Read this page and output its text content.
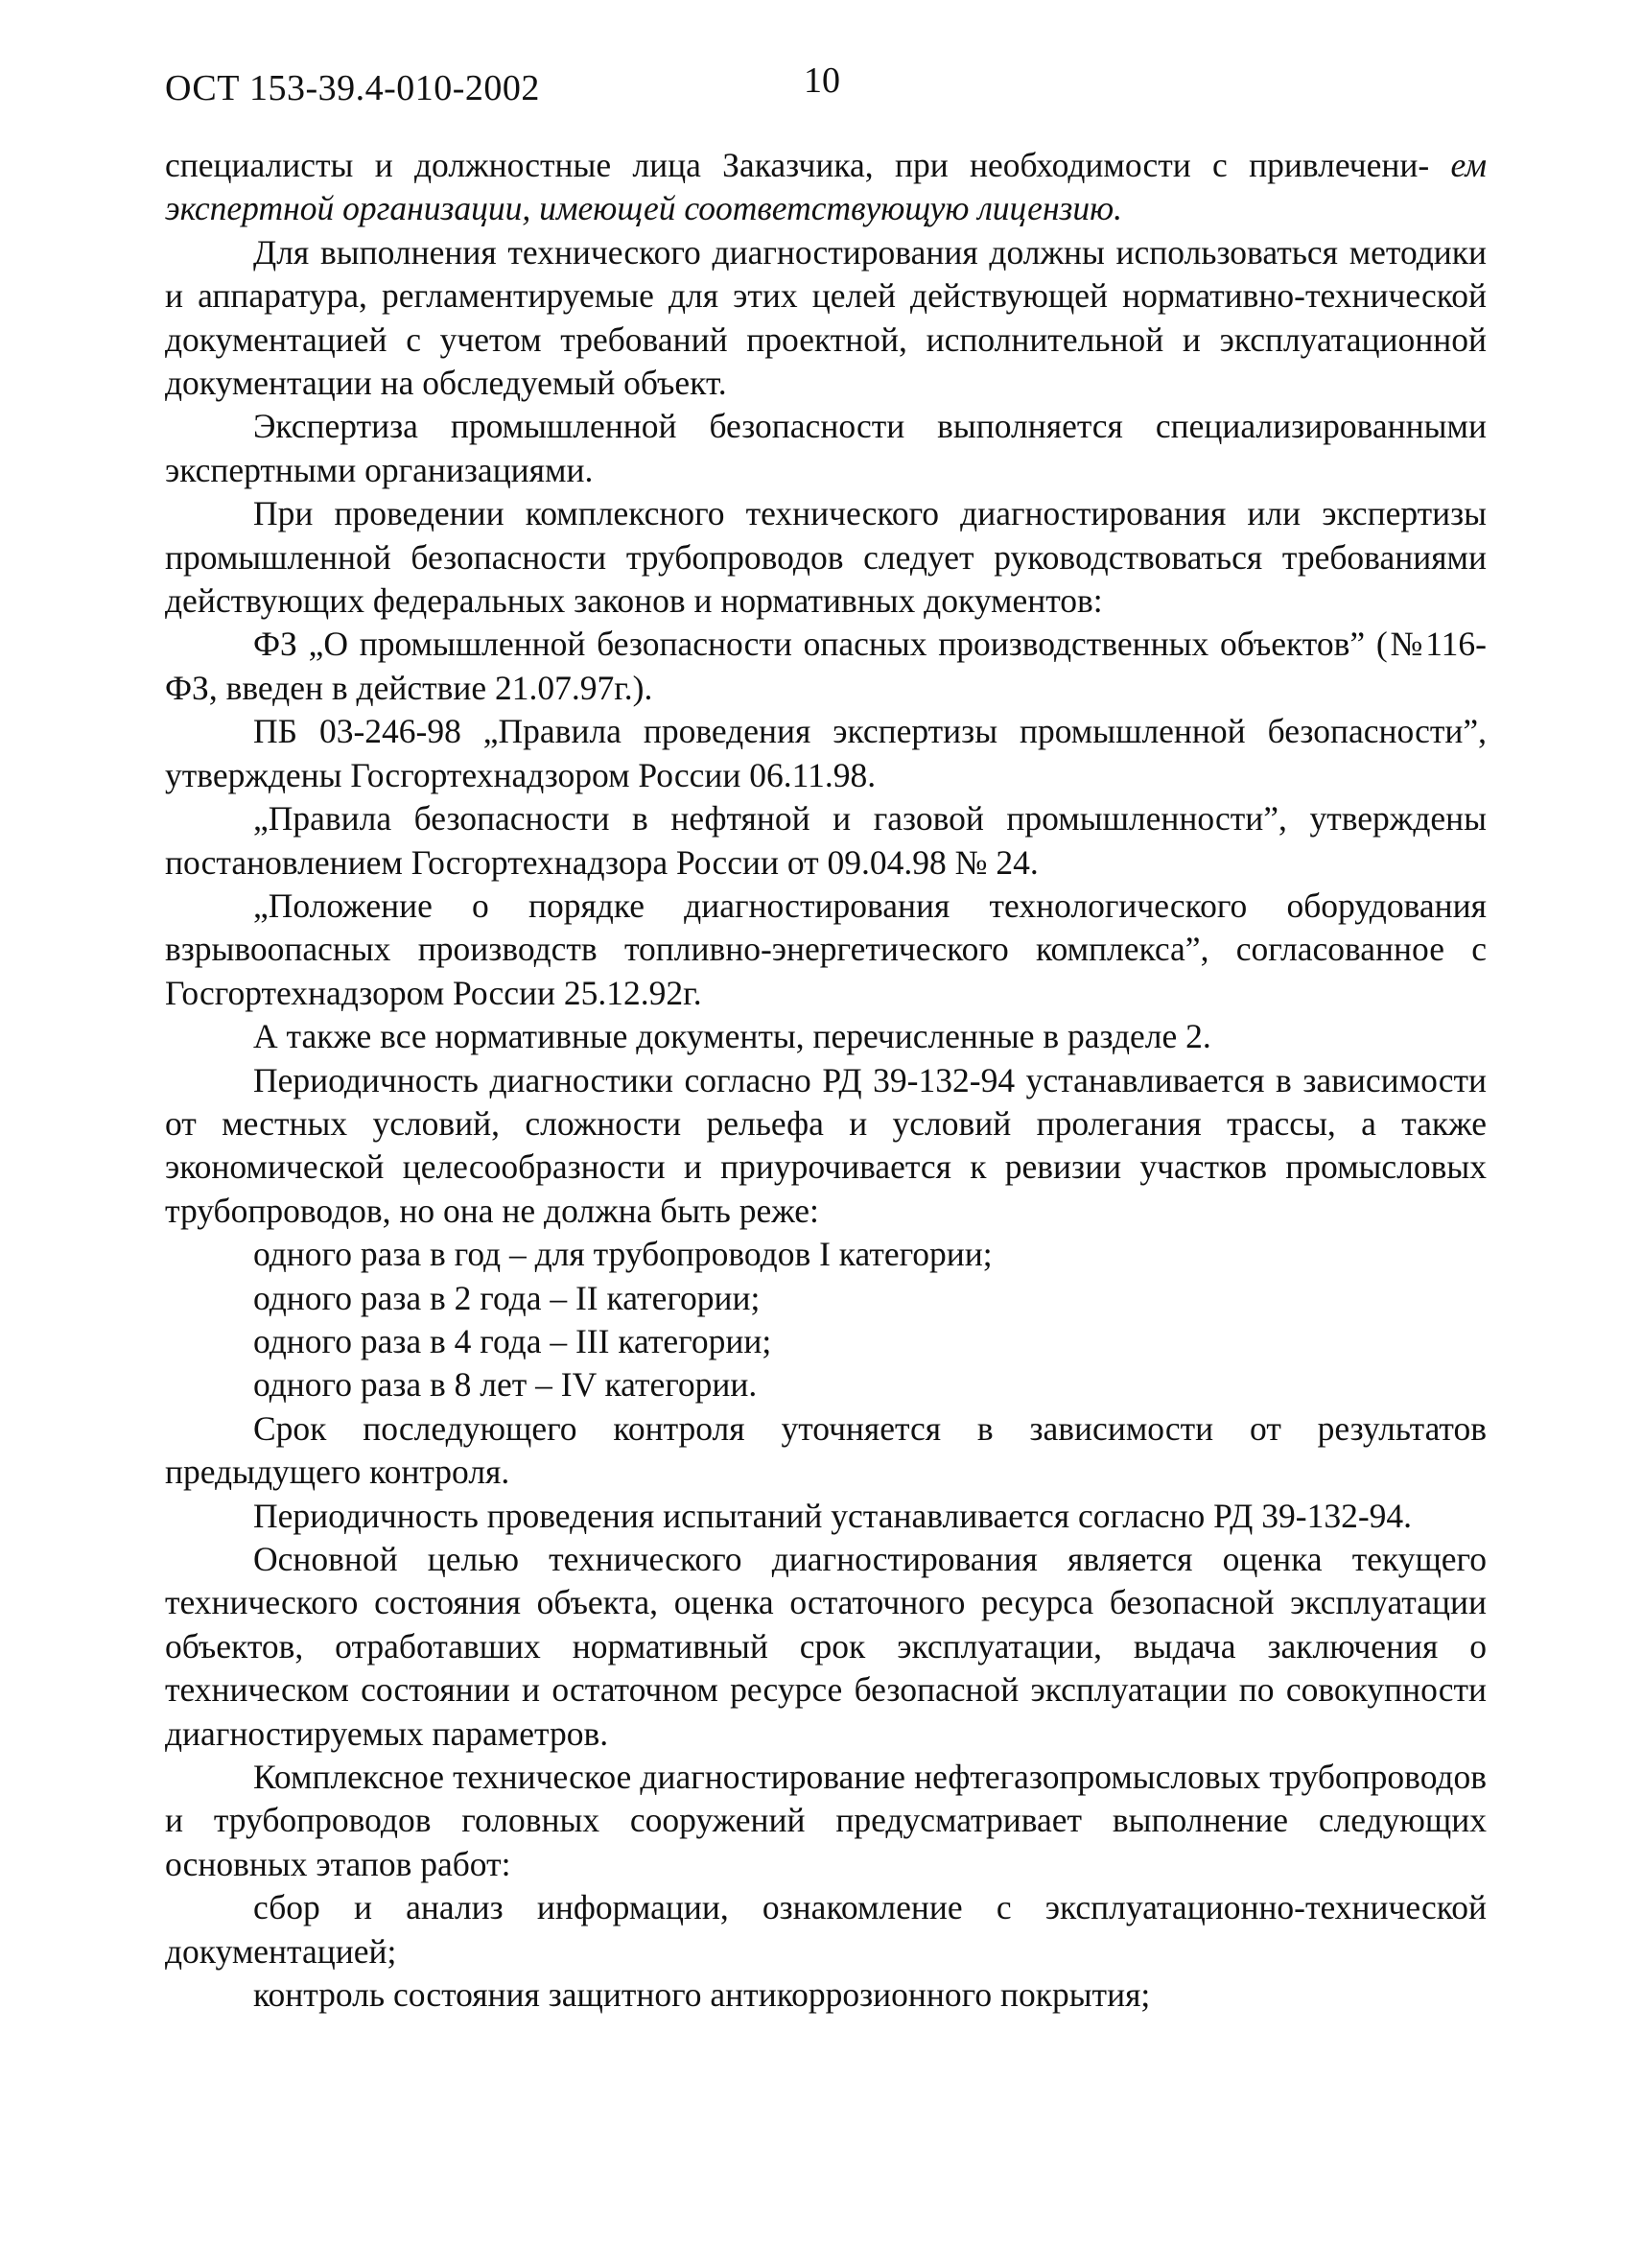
ОСТ 153-39.4-010-2002	10

специалисты и должностные лица Заказчика, при необходимости с привлечени- ем экспертной организации, имеющей соответствующую лицензию.

Для выполнения технического диагностирования должны использоваться методики и аппаратура, регламентируемые для этих целей действующей нормативно-технической документацией с учетом требований проектной, исполнительной и эксплуатационной документации на обследуемый объект.

Экспертиза промышленной безопасности выполняется специализированными экспертными организациями.

При проведении комплексного технического диагностирования или экспертизы промышленной безопасности трубопроводов следует руководствоваться требованиями действующих федеральных законов и нормативных документов:

ФЗ „О промышленной безопасности опасных производственных объектов” (№116-ФЗ, введен в действие 21.07.97г.).

ПБ 03-246-98 „Правила проведения экспертизы промышленной безопасности”, утверждены Госгортехнадзором России 06.11.98.

„Правила безопасности в нефтяной и газовой промышленности”, утверждены постановлением Госгортехнадзора России от 09.04.98 № 24.

„Положение о порядке диагностирования технологического оборудования взрывоопасных производств топливно-энергетического комплекса”, согласованное с Госгортехнадзором России 25.12.92г.

А также все нормативные документы, перечисленные в разделе 2.

Периодичность диагностики согласно РД 39-132-94 устанавливается в зависимости от местных условий, сложности рельефа и условий пролегания трассы, а также экономической целесообразности и приурочивается к ревизии участков промысловых трубопроводов, но она не должна быть реже:

одного раза в год – для трубопроводов I категории;
одного раза в 2 года – II категории;
одного раза в 4 года – III категории;
одного раза в 8 лет – IV категории.

Срок последующего контроля уточняется в зависимости от результатов предыдущего контроля.

Периодичность проведения испытаний устанавливается согласно РД 39-132-94.

Основной целью технического диагностирования является оценка текущего технического состояния объекта, оценка остаточного ресурса безопасной эксплуатации объектов, отработавших нормативный срок эксплуатации, выдача заключения о техническом состоянии и остаточном ресурсе безопасной эксплуатации по совокупности диагностируемых параметров.

Комплексное техническое диагностирование нефтегазопромысловых трубопроводов и трубопроводов головных сооружений предусматривает выполнение следующих основных этапов работ:

сбор и анализ информации, ознакомление с эксплуатационно-технической документацией;

контроль состояния защитного антикоррозионного покрытия;
